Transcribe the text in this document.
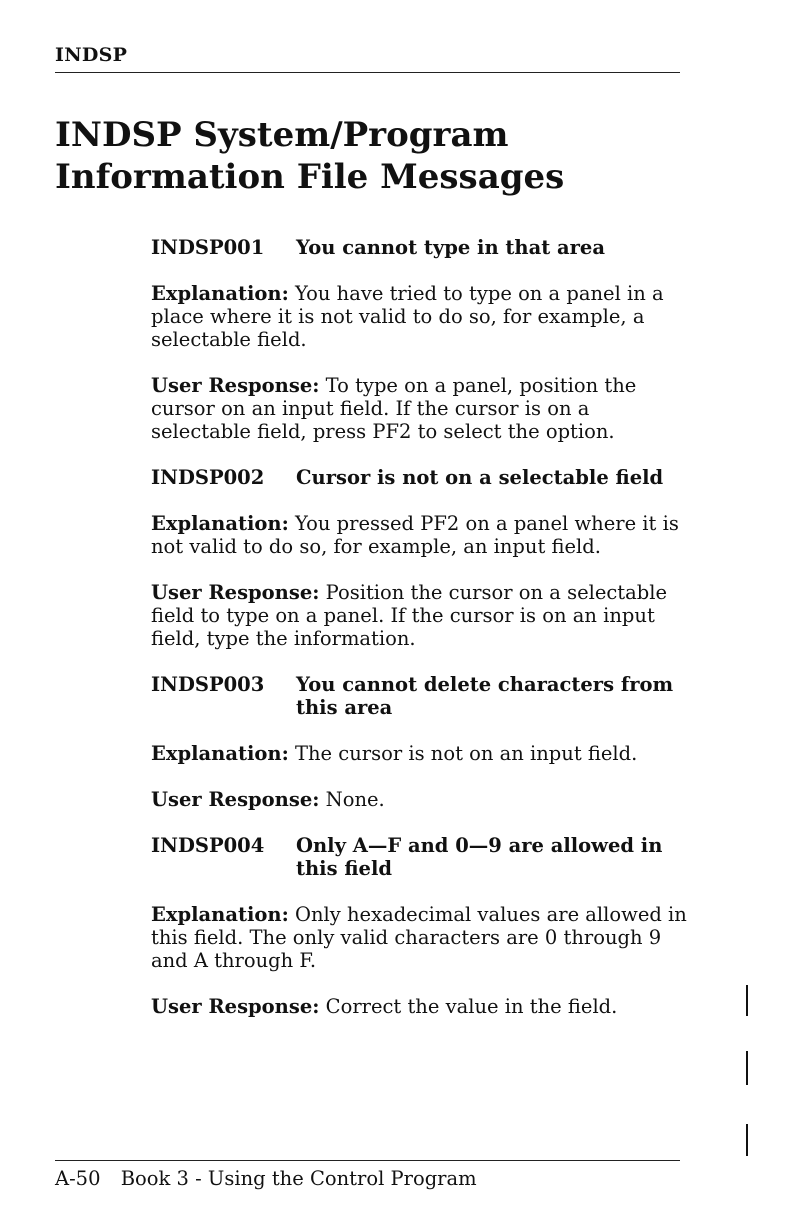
INDSP
INDSP System/Program
Information File Messages
INDSP001	You cannot type in that area

Explanation: You have tried to type on a panel in a place where it is not valid to do so, for example, a selectable field.

User Response: To type on a panel, position the cursor on an input field. If the cursor is on a selectable field, press PF2 to select the option.

INDSP002	Cursor is not on a selectable field

Explanation: You pressed PF2 on a panel where it is not valid to do so, for example, an input field.

User Response: Position the cursor on a selectable field to type on a panel. If the cursor is on an input field, type the information.

INDSP003	You cannot delete characters from this area

Explanation: The cursor is not on an input field.

User Response: None.

INDSP004	Only A—F and 0—9 are allowed in this field

Explanation: Only hexadecimal values are allowed in this field. The only valid characters are 0 through 9 and A through F.

User Response: Correct the value in the field.

A-50 Book 3 - Using the Control Program
